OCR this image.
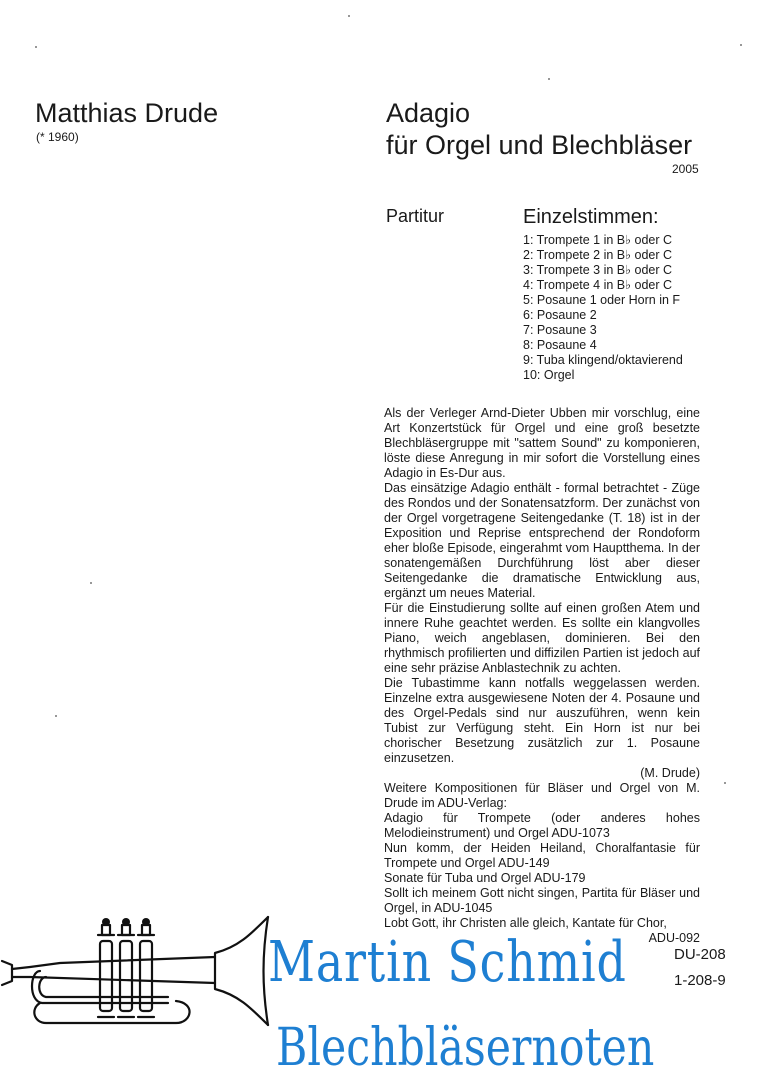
Matthias Drude
(* 1960)
Adagio
für Orgel und Blechbläser
2005
Partitur	Einzelstimmen:
1: Trompete 1 in B♭ oder C
2: Trompete 2 in B♭ oder C
3: Trompete 3 in B♭ oder C
4: Trompete 4 in B♭ oder C
5: Posaune 1 oder Horn in F
6: Posaune 2
7: Posaune 3
8: Posaune 4
9: Tuba klingend/oktavierend
10: Orgel

Als der Verleger Arnd-Dieter Ubben mir vorschlug, eine Art Konzertstück für Orgel und eine groß besetzte Blechbläsergruppe mit "sattem Sound" zu komponieren, löste diese Anregung in mir sofort die Vorstellung eines Adagio in Es-Dur aus.

Das einsätzige Adagio enthält - formal betrachtet - Züge des Rondos und der Sonatensatzform. Der zunächst von der Orgel vorgetragene Seitengedanke (T. 18) ist in der Exposition und Reprise entsprechend der Rondoform eher bloße Episode, eingerahmt vom Hauptthema. In der sonatengemäßen Durchführung löst aber dieser Seitengedanke die dramatische Entwicklung aus, ergänzt um neues Material.

Für die Einstudierung sollte auf einen großen Atem und innere Ruhe geachtet werden. Es sollte ein klangvolles Piano, weich angeblasen, dominieren. Bei den rhythmisch profilierten und diffizilen Partien ist jedoch auf eine sehr präzise Anblastechnik zu achten.

Die Tubastimme kann notfalls weggelassen werden. Einzelne extra ausgewiesene Noten der 4. Posaune und des Orgel-Pedals sind nur auszuführen, wenn kein Tubist zur Verfügung steht. Ein Horn ist nur bei chorischer Besetzung zusätzlich zur 1. Posaune einzusetzen.

(M. Drude)

Weitere Kompositionen für Bläser und Orgel von M. Drude im ADU-Verlag:

Adagio für Trompete (oder anderes hohes Melodieinstrument) und Orgel ADU-1073

Nun komm, der Heiden Heiland, Choralfantasie für Trompete und Orgel ADU-149

Sonate für Tuba und Orgel ADU-179

Sollt ich meinem Gott nicht singen, Partita für Bläser und Orgel, in ADU-1045

Lobt Gott, ihr Christen alle gleich, Kantate für Chor,

ADU-092

Martin Schmid
Blechbläsernoten
DU-208
1-208-9
